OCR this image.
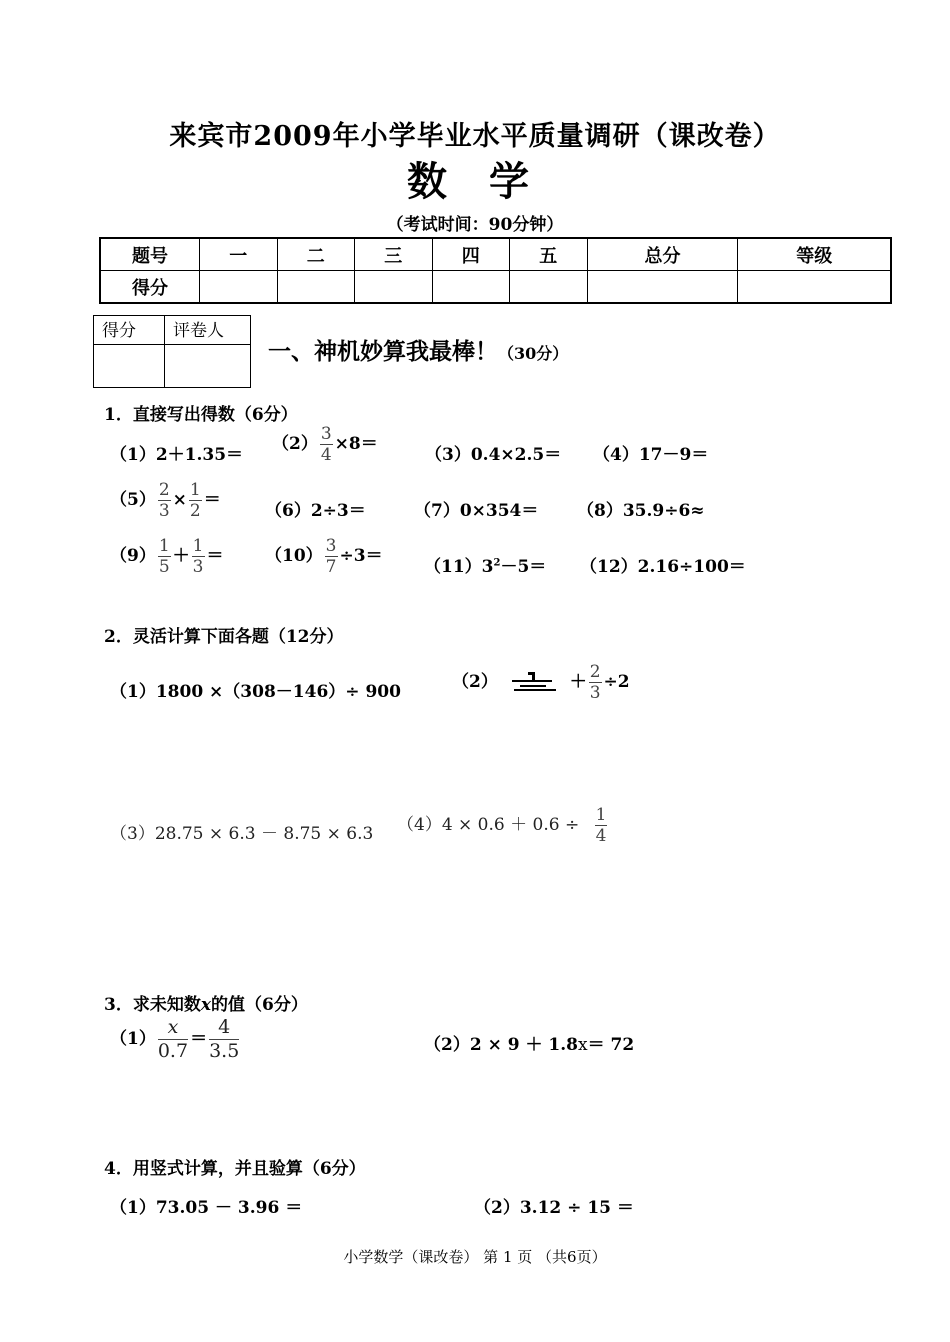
来宾市2009年小学毕业水平质量调研（课改卷）
数 学
（考试时间：90分钟）
题号	一	二	三	四	五	总分	等级
得分							
得分	评卷人

一、神机妙算我最棒！（30分）
1．直接写出得数（6分）
（1）2＋1.35＝
$(2) \frac{3}{4} \times 8=$
（3）0.4×2.5＝ （4）17－9＝
$(5) \frac{2}{3} \times \frac{1}{2}$ ＝
（6）2÷3＝	（7）0×354＝ （8）35.9÷6≈
$(9) \frac{1}{5} + \frac{1}{3} = (10) \frac{3}{7} \div 3=$
$(11)3^2-5= (12)2.16\div 100=$
2．灵活计算下面各题（12分）
（1）1800 ×（308－146）÷ 900	（2）	＋ $\frac{2}{3} \div 2$
（3）28.75 × 6.3 － 8.75 × 6.3 $(4)4 \times 0.6 + 0.6 \div \frac{1}{4}$
3．求未知数x的值（6分）
$(1) \frac{x}{0.7} = \frac{4}{3.5}$	（2）2 × 9 ＋ 1.8x＝ 72
4．用竖式计算，并且验算（6分）
（1）73.05 － 3.96 ＝	（2）3.12 ÷ 15 ＝
小学数学（课改卷） 第 1 页 （共6页）
